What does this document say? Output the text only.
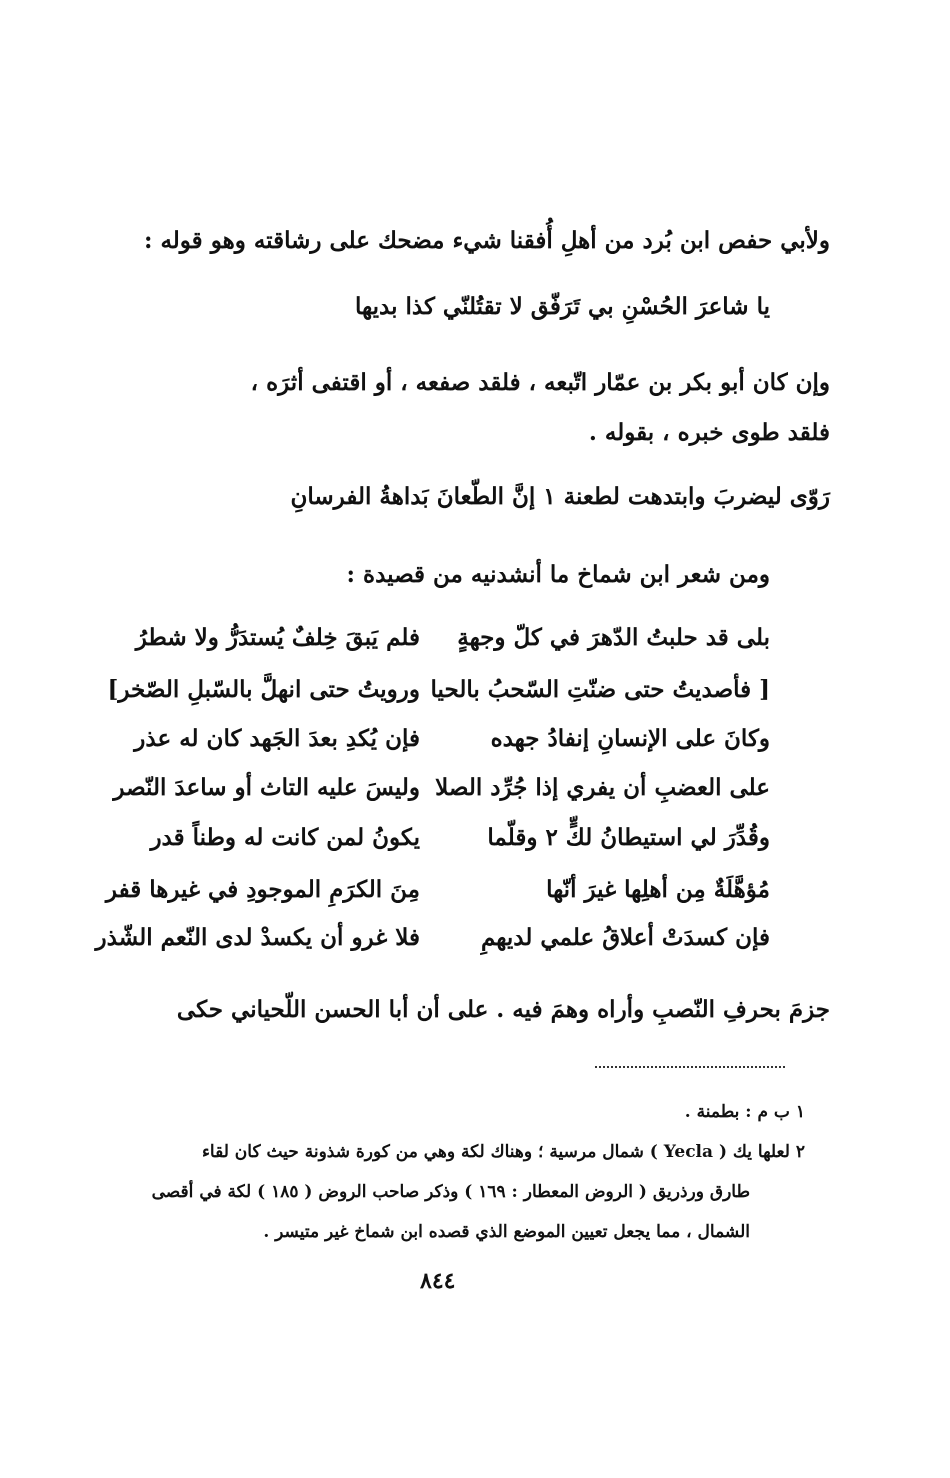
ولأبي حفص ابن بُرد من أهلِ أُفقنا شيء مضحك على رشاقته وهو قوله :
يا شاعرَ الحُسْنِ بي تَرَفّق لا تقتُلنّي كذا بديها
وإن كان أبو بكر بن عمّار اتّبعه ، فلقد صفعه ، أو اقتفى أثرَه ،
فلقد طوى خبره ، بقوله .
رَوّى ليضربَ وابتدهت لطعنة ١ إنَّ الطّعانَ بَداهةُ الفرسانِ
ومن شعر ابن شماخ ما أنشدنيه من قصيدة :
بلى قد حلبتُ الدّهرَ في كلّ وجهةٍ
فلم يَبقَ خِلفٌ يُستدَرُّ ولا شطرُ
[ فأصديتُ حتى ضنّتِ السّحبُ بالحيا
ورويتُ حتى انهلَّ بالسّبلِ الصّخر]
وكانَ على الإنسانِ إنفادُ جهده
فإن يُكدِ بعدَ الجَهد كان له عذر
على العضبِ أن يفري إذا جُرِّد الصلا
وليسَ عليه التاث أو ساعدَ النّصر
وقُدِّرَ لي استيطانُ لكٍّ ٢ وقلّما
يكونُ لمن كانت له وطناً قدر
مُؤهَّلَةٌ مِن أهلِها غيرَ أنّها
مِنَ الكرَمِ الموجودِ في غيرها قفر
فإن كسدَتْ أعلاقُ علمي لديهمِ
فلا غرو أن يكسدْ لدى النّعم الشّذر
جزمَ بحرفِ النّصبِ وأراه وهمَ فيه . على أن أبا الحسن اللّحياني حكى
١ ب م : بطمنة .
٢ لعلها يك ( Yecla ) شمال مرسية ؛ وهناك لكة وهي من كورة شذونة حيث كان لقاء
طارق ورذريق ( الروض المعطار : ١٦٩ ) وذكر صاحب الروض ( ١٨٥ ) لكة في أقصى
الشمال ، مما يجعل تعيين الموضع الذي قصده ابن شماخ غير متيسر .
٨٤٤
